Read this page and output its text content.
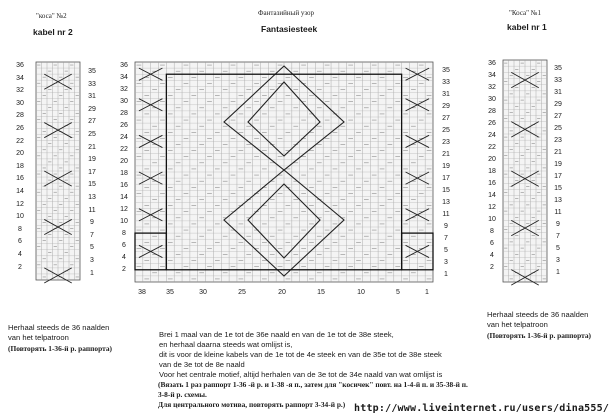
"коса" №2
kabel nr 2
36
34
32
30
28
26
22
20
18
16
14
12
10
8
6
4
2
35
33
31
29
27
25
21
19
17
15
13
11
9
7
5
3
1
Herhaal steeds de 36 naalden
van het telpatroon
(Повторять 1-36-й р. раппорта)
Фантазийный узор
Fantasiesteek
36
34
32
30
28
26
24
22
20
18
16
14
12
10
8
6
4
2
35
33
31
29
27
25
23
21
19
17
15
13
11
9
7
5
3
1
38	35	30	25	20	15	10	5	1
"Коса" №1
kabel nr 1
36
34
32
30
28
26
24
22
20
18
16
14
12
10
8
6
4
2
35
33
31
29
27
25
23
21
19
17
15
13
11
9
7
5
3
1
Herhaal steeds de 36 naalden
van het telpatroon
(Повторять 1-36-й р. раппорта)
Brei 1 maal van de 1e tot de 36e naald en van de 1e tot de 38e steek,
en herhaal daarna steeds wat omlijst is,
dit is voor de kleine kabels van de 1e tot de 4e steek en van de 35e tot de 38e steek
van de 3e tot de 8e naald
Voor het centrale motief, altijd herhalen van de 3e tot de 34e naald van wat omlijst is
(Вязать 1 раз раппорт 1-36 -й р. и 1-38 -я п., затем для "косичек" повт. на 1-4-й п. и 35-38-й п.
3-8-й р. схемы.
Для центрального мотива, повторять раппорт 3-34-й р.) http://www.liveinternet.ru/users/dina555/
